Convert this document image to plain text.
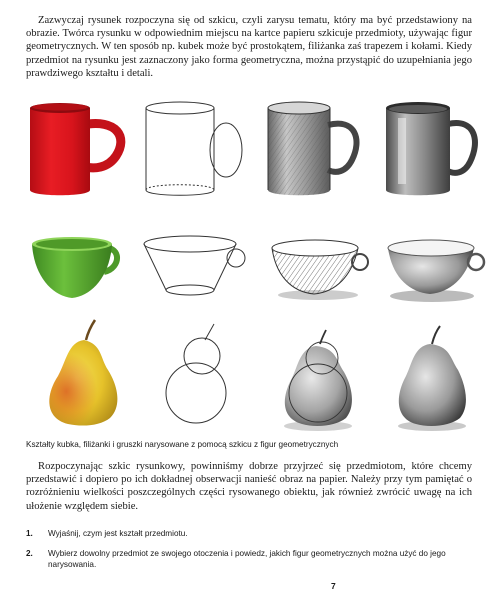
Zazwyczaj rysunek rozpoczyna się od szkicu, czyli zarysu tematu, który ma być przedstawiony na obrazie. Twórca rysunku w odpowiednim miejscu na kartce papieru szkicuje przedmioty, używając figur geometrycznych. W ten sposób np. kubek może być prostokątem, filiżanka zaś trapezem i kołami. Kiedy przedmiot na rysunku jest zaznaczony jako forma geometryczna, można przystąpić do uzupełniania jego prawdziwego kształtu i detali.

Kształty kubka, filiżanki i gruszki narysowane z pomocą szkicu z figur geometrycznych

Rozpoczynając szkic rysunkowy, powinniśmy dobrze przyjrzeć się przedmiotom, które chcemy przedstawić i dopiero po ich dokładnej obserwacji nanieść obraz na papier. Należy przy tym pamiętać o rozróżnieniu wielkości poszczególnych części rysowanego obiektu, jak również zwrócić uwagę na ich ułożenie względem siebie.

1. Wyjaśnij, czym jest kształt przedmiotu.
2. Wybierz dowolny przedmiot ze swojego otoczenia i powiedz, jakich figur geometrycznych można użyć do jego narysowania.
7
